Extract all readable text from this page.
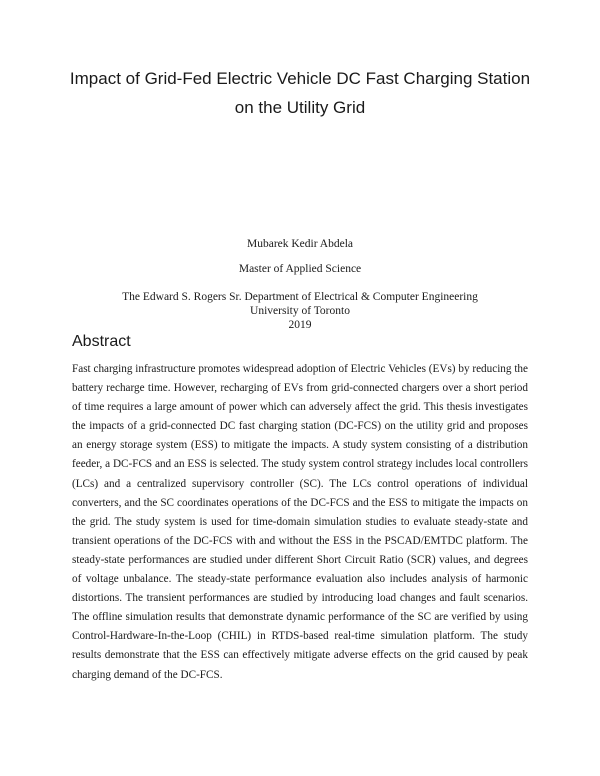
Impact of Grid-Fed Electric Vehicle DC Fast Charging Station on the Utility Grid
Mubarek Kedir Abdela
Master of Applied Science
The Edward S. Rogers Sr. Department of Electrical & Computer Engineering
University of Toronto
2019
Abstract

Fast charging infrastructure promotes widespread adoption of Electric Vehicles (EVs) by reducing the battery recharge time. However, recharging of EVs from grid-connected chargers over a short period of time requires a large amount of power which can adversely affect the grid. This thesis investigates the impacts of a grid-connected DC fast charging station (DC-FCS) on the utility grid and proposes an energy storage system (ESS) to mitigate the impacts. A study system consisting of a distribution feeder, a DC-FCS and an ESS is selected. The study system control strategy includes local controllers (LCs) and a centralized supervisory controller (SC). The LCs control operations of individual converters, and the SC coordinates operations of the DC-FCS and the ESS to mitigate the impacts on the grid. The study system is used for time-domain simulation studies to evaluate steady-state and transient operations of the DC-FCS with and without the ESS in the PSCAD/EMTDC platform. The steady-state performances are studied under different Short Circuit Ratio (SCR) values, and degrees of voltage unbalance. The steady-state performance evaluation also includes analysis of harmonic distortions. The transient performances are studied by introducing load changes and fault scenarios. The offline simulation results that demonstrate dynamic performance of the SC are verified by using Control-Hardware-In-the-Loop (CHIL) in RTDS-based real-time simulation platform. The study results demonstrate that the ESS can effectively mitigate adverse effects on the grid caused by peak charging demand of the DC-FCS.
